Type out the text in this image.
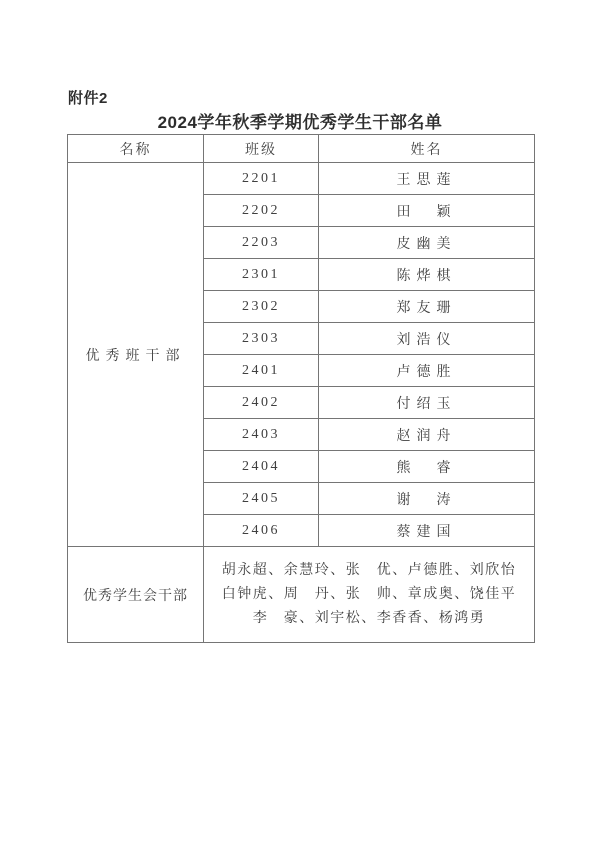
附件2
2024学年秋季学期优秀学生干部名单
名称	班级	姓名
优秀班干部	2201	王思莲
	2202	田　颖
	2203	皮幽美
	2301	陈烨棋
	2302	郑友珊
	2303	刘浩仪
	2401	卢德胜
	2402	付绍玉
	2403	赵润舟
	2404	熊　睿
	2405	谢　涛
	2406	蔡建国
优秀学生会干部	胡永超、余慧玲、张　优、卢德胜、刘欣怡
白钟虎、周　丹、张　帅、章成奥、饶佳平
李　豪、刘宇松、李香香、杨鸿勇	
